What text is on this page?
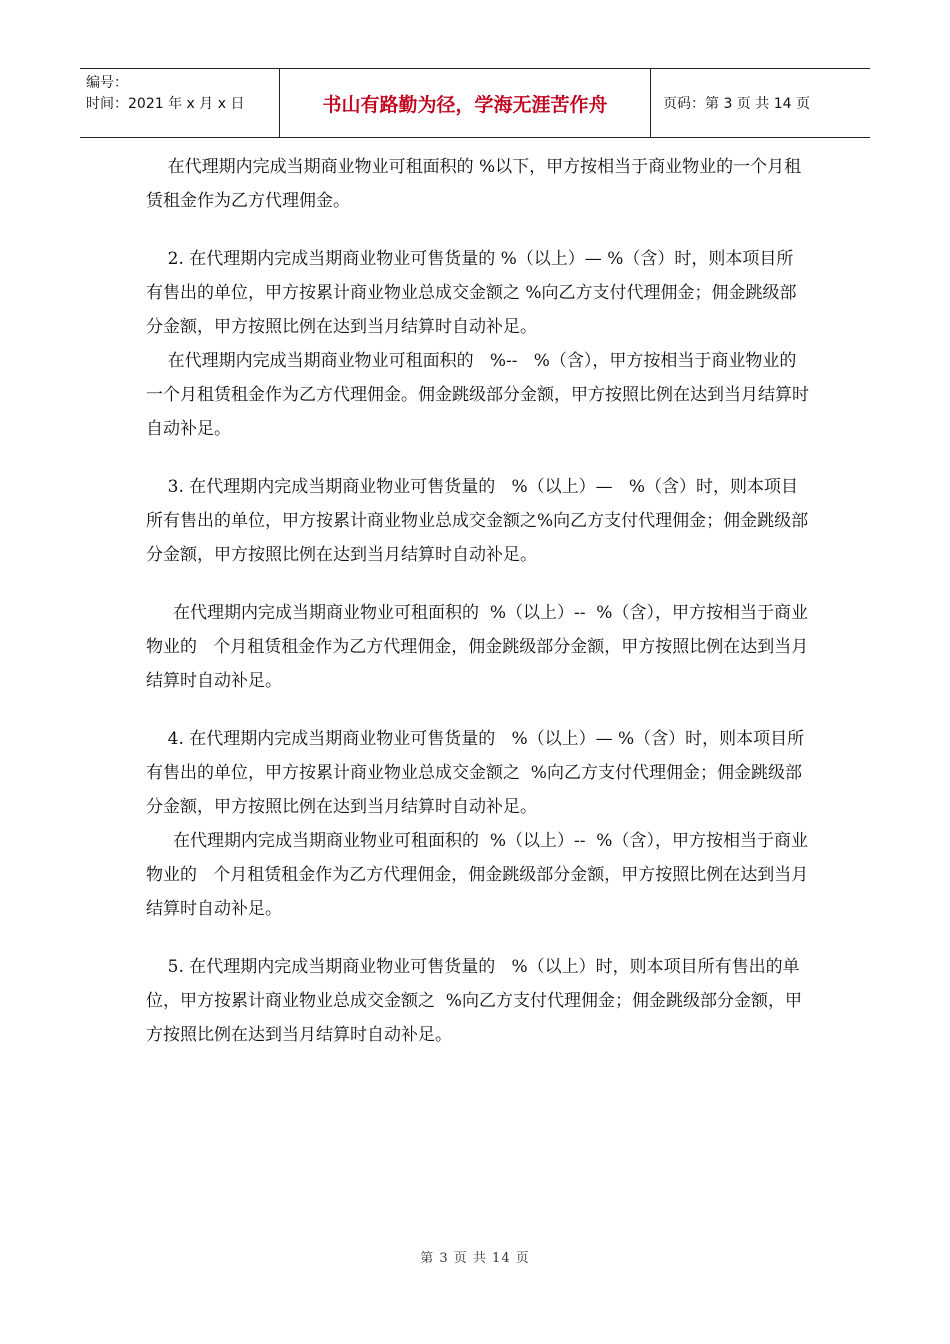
编号：
时间：2021 年 x 月 x 日	书山有路勤为径，学海无涯苦作舟	页码：第 3 页 共 14 页

在代理期内完成当期商业物业可租面积的 %以下，甲方按相当于商业物业的一个月租赁租金作为乙方代理佣金。

2. 在代理期内完成当期商业物业可售货量的 %（以上）— %（含）时，则本项目所有售出的单位，甲方按累计商业物业总成交金额之 %向乙方支付代理佣金；佣金跳级部分金额，甲方按照比例在达到当月结算时自动补足。

在代理期内完成当期商业物业可租面积的   %--   %（含），甲方按相当于商业物业的一个月租赁租金作为乙方代理佣金。佣金跳级部分金额，甲方按照比例在达到当月结算时自动补足。

3. 在代理期内完成当期商业物业可售货量的   %（以上）—   %（含）时，则本项目所有售出的单位，甲方按累计商业物业总成交金额之%向乙方支付代理佣金；佣金跳级部分金额，甲方按照比例在达到当月结算时自动补足。

在代理期内完成当期商业物业可租面积的  %（以上）--  %（含），甲方按相当于商业物业的   个月租赁租金作为乙方代理佣金，佣金跳级部分金额，甲方按照比例在达到当月结算时自动补足。

4. 在代理期内完成当期商业物业可售货量的   %（以上）— %（含）时，则本项目所有售出的单位，甲方按累计商业物业总成交金额之  %向乙方支付代理佣金；佣金跳级部分金额，甲方按照比例在达到当月结算时自动补足。

在代理期内完成当期商业物业可租面积的  %（以上）--  %（含），甲方按相当于商业物业的   个月租赁租金作为乙方代理佣金，佣金跳级部分金额，甲方按照比例在达到当月结算时自动补足。

5. 在代理期内完成当期商业物业可售货量的   %（以上）时，则本项目所有售出的单位，甲方按累计商业物业总成交金额之  %向乙方支付代理佣金；佣金跳级部分金额，甲方按照比例在达到当月结算时自动补足。

第 3 页 共 14 页
